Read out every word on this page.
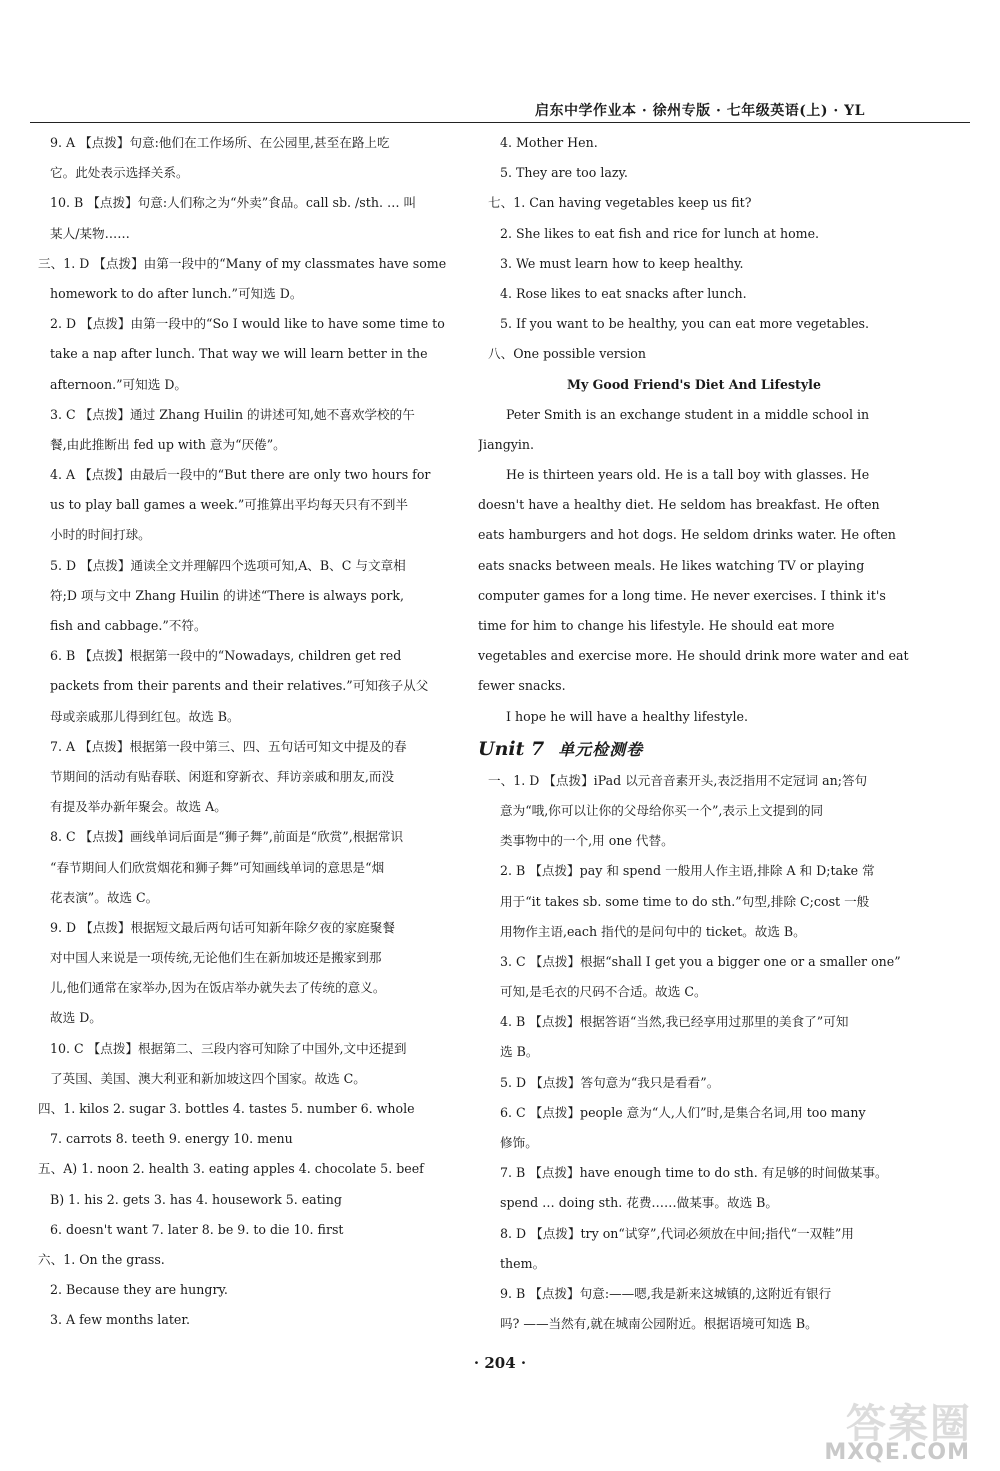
启东中学作业本 · 徐州专版 · 七年级英语(上) · YL
9. A 【点拨】句意:他们在工作场所、在公园里,甚至在路上吃
它。此处表示选择关系。
10. B 【点拨】句意:人们称之为“外卖”食品。call sb. /sth. … 叫
某人/某物……
三、1. D 【点拨】由第一段中的“Many of my classmates have some
homework to do after lunch.”可知选 D。
2. D 【点拨】由第一段中的“So I would like to have some time to
take a nap after lunch. That way we will learn better in the
afternoon.”可知选 D。
3. C 【点拨】通过 Zhang Huilin 的讲述可知,她不喜欢学校的午
餐,由此推断出 fed up with 意为“厌倦”。
4. A 【点拨】由最后一段中的“But there are only two hours for
us to play ball games a week.”可推算出平均每天只有不到半
小时的时间打球。
5. D 【点拨】通读全文并理解四个选项可知,A、B、C 与文章相
符;D 项与文中 Zhang Huilin 的讲述“There is always pork,
fish and cabbage.”不符。
6. B 【点拨】根据第一段中的“Nowadays, children get red
packets from their parents and their relatives.”可知孩子从父
母或亲戚那儿得到红包。故选 B。
7. A 【点拨】根据第一段中第三、四、五句话可知文中提及的春
节期间的活动有贴春联、闲逛和穿新衣、拜访亲戚和朋友,而没
有提及举办新年聚会。故选 A。
8. C 【点拨】画线单词后面是“狮子舞”,前面是“欣赏”,根据常识
“春节期间人们欣赏烟花和狮子舞”可知画线单词的意思是“烟
花表演”。故选 C。
9. D 【点拨】根据短文最后两句话可知新年除夕夜的家庭聚餐
对中国人来说是一项传统,无论他们生在新加坡还是搬家到那
儿,他们通常在家举办,因为在饭店举办就失去了传统的意义。
故选 D。
10. C 【点拨】根据第二、三段内容可知除了中国外,文中还提到
了英国、美国、澳大利亚和新加坡这四个国家。故选 C。
四、1. kilos 2. sugar 3. bottles 4. tastes 5. number 6. whole
7. carrots 8. teeth 9. energy 10. menu
五、A) 1. noon 2. health 3. eating apples 4. chocolate 5. beef
B) 1. his 2. gets 3. has 4. housework 5. eating
6. doesn't want 7. later 8. be 9. to die 10. first
六、1. On the grass.
2. Because they are hungry.
3. A few months later.
4. Mother Hen.
5. They are too lazy.
七、1. Can having vegetables keep us fit?
2. She likes to eat fish and rice for lunch at home.
3. We must learn how to keep healthy.
4. Rose likes to eat snacks after lunch.
5. If you want to be healthy, you can eat more vegetables.
八、One possible version
My Good Friend's Diet And Lifestyle
Peter Smith is an exchange student in a middle school in
Jiangyin.
He is thirteen years old. He is a tall boy with glasses. He
doesn't have a healthy diet. He seldom has breakfast. He often
eats hamburgers and hot dogs. He seldom drinks water. He often
eats snacks between meals. He likes watching TV or playing
computer games for a long time. He never exercises. I think it's
time for him to change his lifestyle. He should eat more
vegetables and exercise more. He should drink more water and eat
fewer snacks.
I hope he will have a healthy lifestyle.
Unit 7 单元检测卷
一、1. D 【点拨】iPad 以元音音素开头,表泛指用不定冠词 an;答句
意为“哦,你可以让你的父母给你买一个”,表示上文提到的同
类事物中的一个,用 one 代替。
2. B 【点拨】pay 和 spend 一般用人作主语,排除 A 和 D;take 常
用于“it takes sb. some time to do sth.”句型,排除 C;cost 一般
用物作主语,each 指代的是问句中的 ticket。故选 B。
3. C 【点拨】根据“shall I get you a bigger one or a smaller one”
可知,是毛衣的尺码不合适。故选 C。
4. B 【点拨】根据答语“当然,我已经享用过那里的美食了”可知
选 B。
5. D 【点拨】答句意为“我只是看看”。
6. C 【点拨】people 意为“人,人们”时,是集合名词,用 too many
修饰。
7. B 【点拨】have enough time to do sth. 有足够的时间做某事。
spend … doing sth. 花费……做某事。故选 B。
8. D 【点拨】try on“试穿”,代词必须放在中间;指代“一双鞋”用
them。
9. B 【点拨】句意:——嗯,我是新来这城镇的,这附近有银行
吗? ——当然有,就在城南公园附近。根据语境可知选 B。
· 204 ·
答案圈
MXQE.COM
